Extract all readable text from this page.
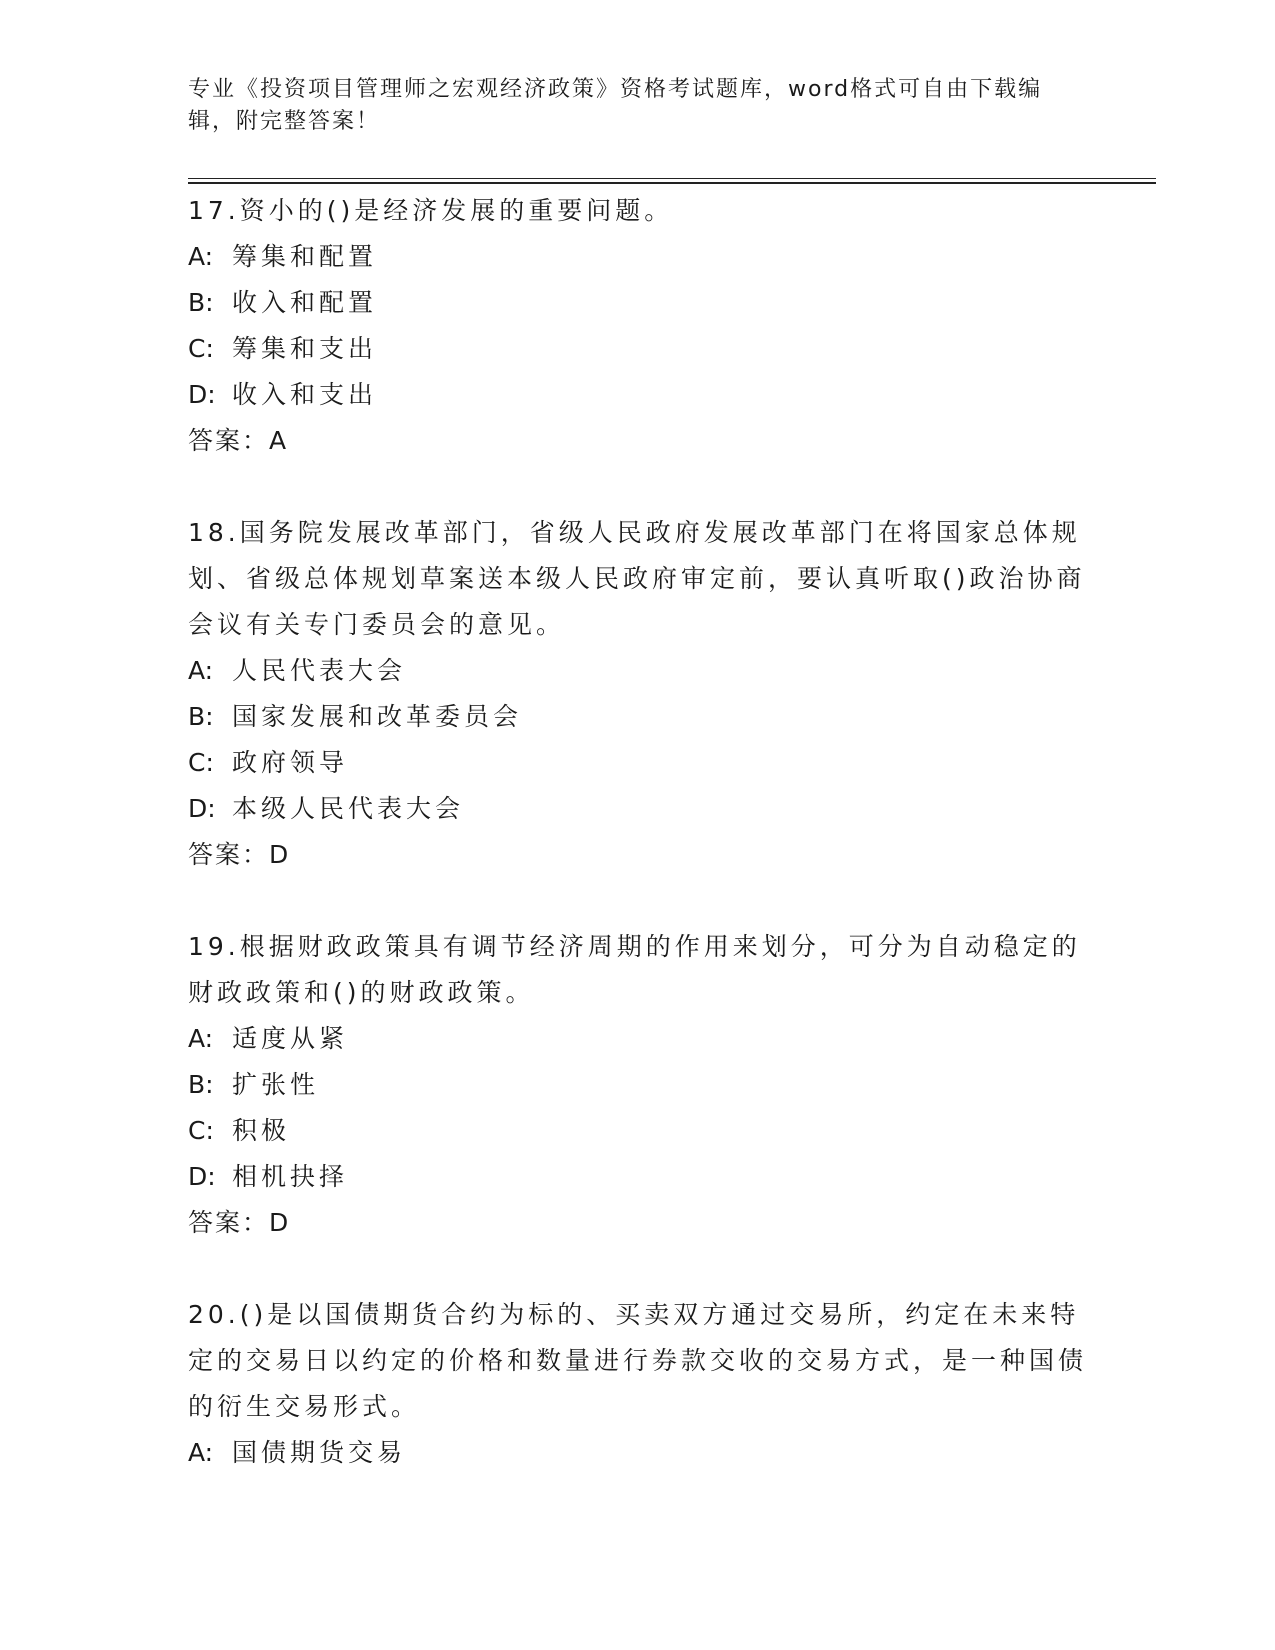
专业《投资项目管理师之宏观经济政策》资格考试题库，word格式可自由下载编辑，附完整答案！
17.资小的()是经济发展的重要问题。
A: 筹集和配置
B: 收入和配置
C: 筹集和支出
D: 收入和支出
答案：A
18.国务院发展改革部门，省级人民政府发展改革部门在将国家总体规划、省级总体规划草案送本级人民政府审定前，要认真听取()政治协商会议有关专门委员会的意见。
A: 人民代表大会
B: 国家发展和改革委员会
C: 政府领导
D: 本级人民代表大会
答案：D
19.根据财政政策具有调节经济周期的作用来划分，可分为自动稳定的财政政策和()的财政政策。
A: 适度从紧
B: 扩张性
C: 积极
D: 相机抉择
答案：D
20.()是以国债期货合约为标的、买卖双方通过交易所，约定在未来特定的交易日以约定的价格和数量进行券款交收的交易方式，是一种国债的衍生交易形式。
A: 国债期货交易
